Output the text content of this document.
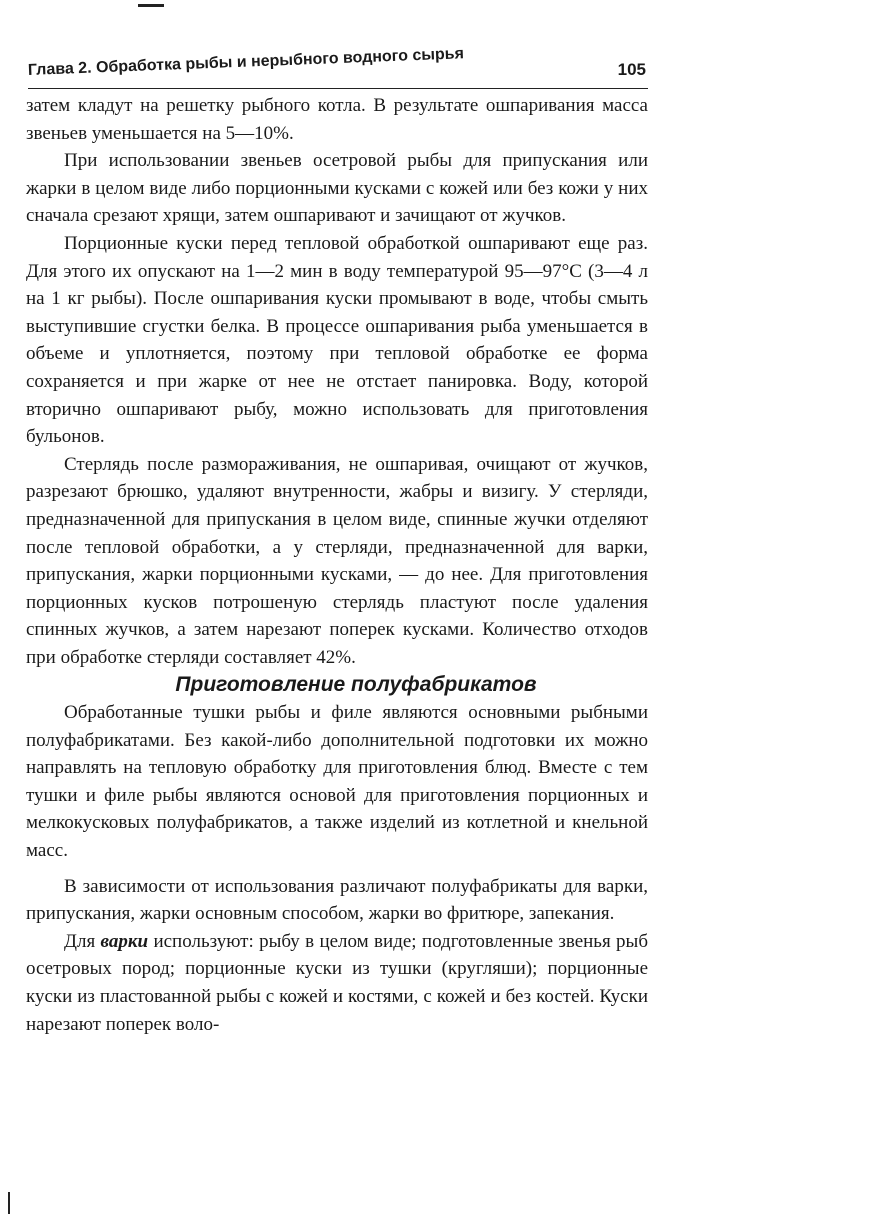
Глава 2. Обработка рыбы и нерыбного водного сырья	105

затем кладут на решетку рыбного котла. В результате ошпаривания масса звеньев уменьшается на 5—10%.

При использовании звеньев осетровой рыбы для припускания или жарки в целом виде либо порционными кусками с кожей или без кожи у них сначала срезают хрящи, затем ошпаривают и зачищают от жучков.

Порционные куски перед тепловой обработкой ошпаривают еще раз. Для этого их опускают на 1—2 мин в воду температурой 95—97°С (3—4 л на 1 кг рыбы). После ошпаривания куски промывают в воде, чтобы смыть выступившие сгустки белка. В процессе ошпаривания рыба уменьшается в объеме и уплотняется, поэтому при тепловой обработке ее форма сохраняется и при жарке от нее не отстает панировка. Воду, которой вторично ошпаривают рыбу, можно использовать для приготовления бульонов.

Стерлядь после размораживания, не ошпаривая, очищают от жучков, разрезают брюшко, удаляют внутренности, жабры и визигу. У стерляди, предназначенной для припускания в целом виде, спинные жучки отделяют после тепловой обработки, а у стерляди, предназначенной для варки, припускания, жарки порционными кусками, — до нее. Для приготовления порционных кусков потрошеную стерлядь пластуют после удаления спинных жучков, а затем нарезают поперек кусками. Количество отходов при обработке стерляди составляет 42%.

Приготовление полуфабрикатов

Обработанные тушки рыбы и филе являются основными рыбными полуфабрикатами. Без какой-либо дополнительной подготовки их можно направлять на тепловую обработку для приготовления блюд. Вместе с тем тушки и филе рыбы являются основой для приготовления порционных и мелкокусковых полуфабрикатов, а также изделий из котлетной и кнельной масс.

В зависимости от использования различают полуфабрикаты для варки, припускания, жарки основным способом, жарки во фритюре, запекания.

Для варки используют: рыбу в целом виде; подготовленные звенья рыб осетровых пород; порционные куски из тушки (кругляши); порционные куски из пластованной рыбы с кожей и костями, с кожей и без костей. Куски нарезают поперек воло-
